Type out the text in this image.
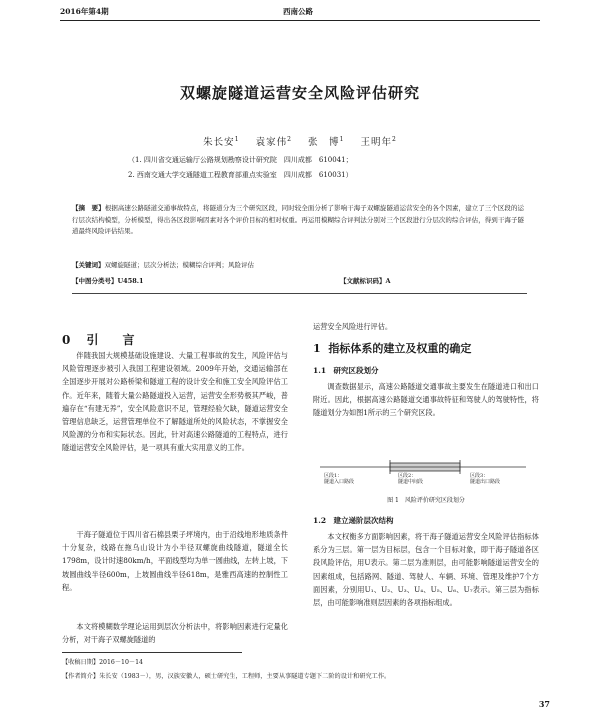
2016年第4期	西南公路
双螺旋隧道运营安全风险评估研究
朱长安$^1$ 袁家伟$^2$ 张　博$^1$ 王明年$^2$
（1. 四川省交通运输厅公路规划勘察设计研究院　四川成都　610041；
2. 西南交通大学交通隧道工程教育部重点实验室　四川成都　610031）
【摘　要】根据高速公路隧道交通事故特点，将隧道分为三个研究区段，同时较全面分析了影响干海子双螺旋隧道运营安全的各个因素，建立了三个区段的运行层次结构模型，分析模型，得出各区段影响因素对各个评价目标的相对权重。再运用模糊综合评判法分别对三个区段进行分层次的综合评估，得到干海子隧道最终风险评估结果。
【关键词】双螺旋隧道；层次分析法；模糊综合评判；风险评估
【中图分类号】U458.1	【文献标识码】A
0 引　言
伴随我国大规模基础设施建设、大量工程事故的发生，风险评估与风险管理逐步被引入我国工程建设领域。2009年开始，交通运输部在全国逐步开展对公路桥梁和隧道工程的设计安全和施工安全风险评估工作。近年来，随着大量公路隧道投入运营，运营安全形势极其严峻，普遍存在“有建无养”，安全风险意识不足，管理经验欠缺，隧道运营安全管理信息缺乏，运营管理单位不了解隧道所处的风险状态，不掌握安全风险源的分布和实际状态。因此，针对高速公路隧道的工程特点，进行隧道运营安全风险评估，是一项具有重大实用意义的工作。
干海子隧道位于四川省石棉县栗子坪境内，由于沿线地形地质条件十分复杂，线路在拖乌山设计为小半径双螺旋曲线隧道，隧道全长1798m，设计时速80km/h，平面线型均为单一圆曲线，左转上坡，下坡圆曲线半径600m，上坡圆曲线半径618m，是雅西高速的控制性工程。
本文将模糊数学理论运用到层次分析法中，将影响因素进行定量化分析，对干海子双螺旋隧道的
运营安全风险进行评估。
1 指标体系的建立及权重的确定
1.1　研究区段划分
调查数据显示，高速公路隧道交通事故主要发生在隧道进口和出口附近。因此，根据高速公路隧道交通事故特征和驾驶人的驾驶特性，将隧道划分为如图1所示的三个研究区段。
区段1：
隧道入口路段
区段2：
隧道中间段
区段3：
隧道出口路段
图 1　风险评价研究区段划分
1.2　建立递阶层次结构
本文权衡多方面影响因素，将干海子隧道运营安全风险评估指标体系分为三层。第一层为目标层，包含一个目标对象，即干海子隧道各区段风险评估，用U表示。第二层为准则层，由可能影响隧道运营安全的因素组成，包括路网、隧道、驾驶人、车辆、环境、管理及维护7个方面因素，分别用U₁、U₂、U₃、U₄、U₅、U₆、U₇表示。第三层为指标层，由可能影响准则层因素的各项指标组成。
【收稿日期】2016－10－14
【作者简介】朱长安（1983－），男，汉族安徽人，硕士研究生，工程师，主要从事隧道专题下二阶的设计和研究工作。
37
